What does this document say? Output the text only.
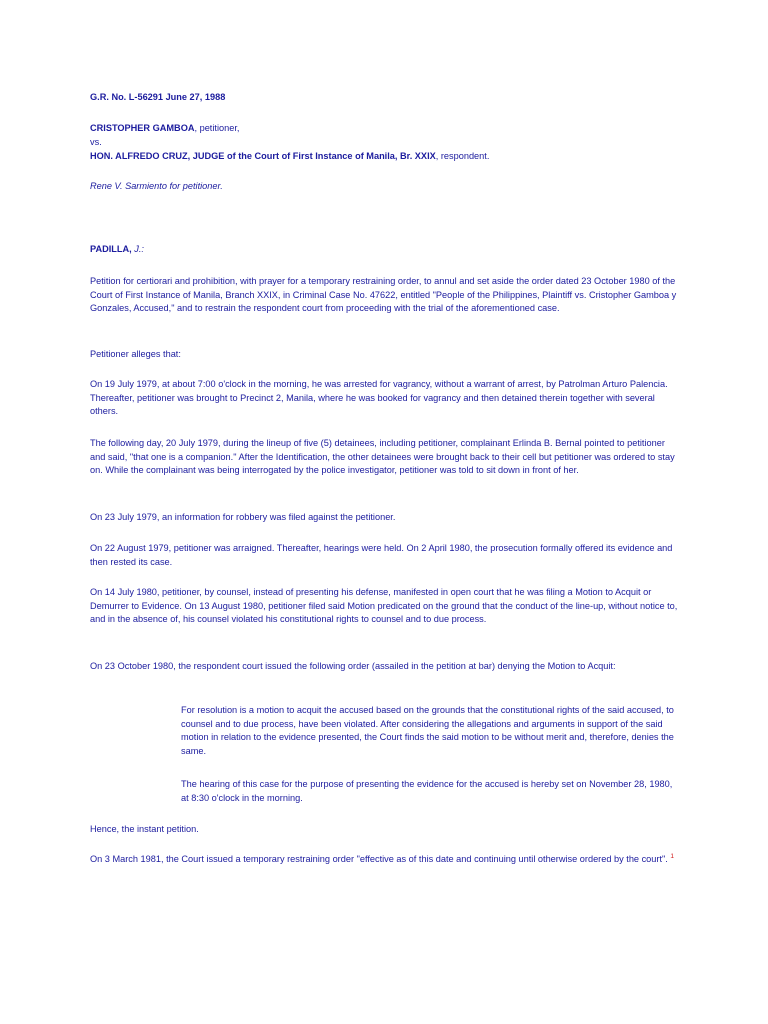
G.R. No. L-56291 June 27, 1988

CRISTOPHER GAMBOA, petitioner,

vs.

HON. ALFREDO CRUZ, JUDGE of the Court of First Instance of Manila, Br. XXIX, respondent.

Rene V. Sarmiento for petitioner.

PADILLA, J.:

Petition for certiorari and prohibition, with prayer for a temporary restraining order, to annul and set aside the order dated 23 October 1980 of the Court of First Instance of Manila, Branch XXIX, in Criminal Case No. 47622, entitled "People of the Philippines, Plaintiff vs. Cristopher Gamboa y Gonzales, Accused," and to restrain the respondent court from proceeding with the trial of the aforementioned case.

Petitioner alleges that:

On 19 July 1979, at about 7:00 o'clock in the morning, he was arrested for vagrancy, without a warrant of arrest, by Patrolman Arturo Palencia. Thereafter, petitioner was brought to Precinct 2, Manila, where he was booked for vagrancy and then detained therein together with several others.

The following day, 20 July 1979, during the lineup of five (5) detainees, including petitioner, complainant Erlinda B. Bernal pointed to petitioner and said, "that one is a companion." After the Identification, the other detainees were brought back to their cell but petitioner was ordered to stay on. While the complainant was being interrogated by the police investigator, petitioner was told to sit down in front of her.

On 23 July 1979, an information for robbery was filed against the petitioner.

On 22 August 1979, petitioner was arraigned. Thereafter, hearings were held. On 2 April 1980, the prosecution formally offered its evidence and then rested its case.

On 14 July 1980, petitioner, by counsel, instead of presenting his defense, manifested in open court that he was filing a Motion to Acquit or Demurrer to Evidence. On 13 August 1980, petitioner filed said Motion predicated on the ground that the conduct of the line-up, without notice to, and in the absence of, his counsel violated his constitutional rights to counsel and to due process.

On 23 October 1980, the respondent court issued the following order (assailed in the petition at bar) denying the Motion to Acquit:

For resolution is a motion to acquit the accused based on the grounds that the constitutional rights of the said accused, to counsel and to due process, have been violated. After considering the allegations and arguments in support of the said motion in relation to the evidence presented, the Court finds the said motion to be without merit and, therefore, denies the same.

The hearing of this case for the purpose of presenting the evidence for the accused is hereby set on November 28, 1980, at 8:30 o'clock in the morning.

Hence, the instant petition.

On 3 March 1981, the Court issued a temporary restraining order "effective as of this date and continuing until otherwise ordered by the court". $^1$
